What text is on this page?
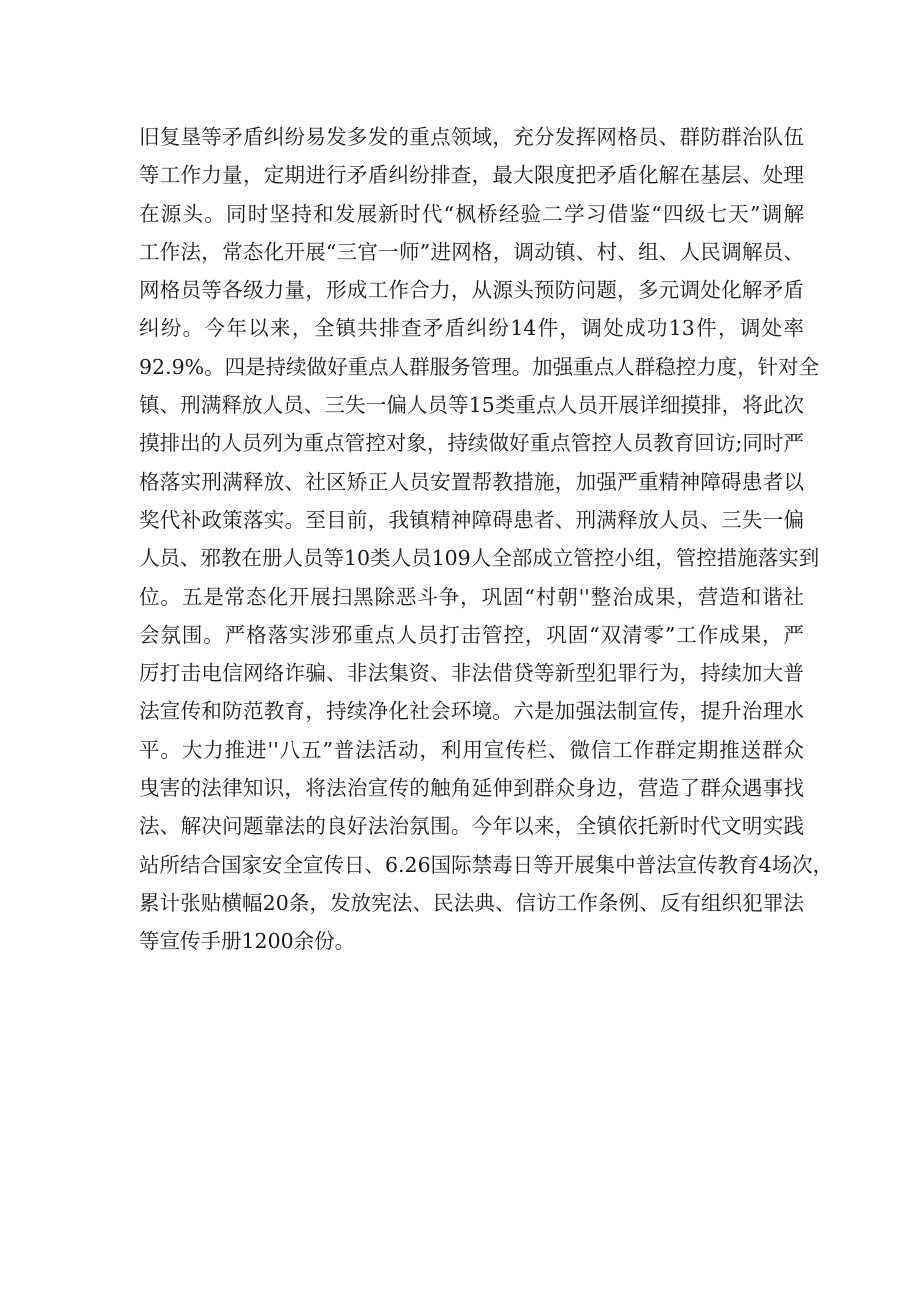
旧复垦等矛盾纠纷易发多发的重点领域，充分发挥网格员、群防群治队伍
等工作力量，定期进行矛盾纠纷排查，最大限度把矛盾化解在基层、处理
在源头。同时坚持和发展新时代“枫桥经验二学习借鉴“四级七天”调解
工作法，常态化开展“三官一师”进网格，调动镇、村、组、人民调解员、
网格员等各级力量，形成工作合力，从源头预防问题，多元调处化解矛盾
纠纷。今年以来，全镇共排查矛盾纠纷14件，调处成功13件，调处率
92.9%。四是持续做好重点人群服务管理。加强重点人群稳控力度，针对全
镇、刑满释放人员、三失一偏人员等15类重点人员开展详细摸排，将此次
摸排出的人员列为重点管控对象，持续做好重点管控人员教育回访;同时严
格落实刑满释放、社区矫正人员安置帮教措施，加强严重精神障碍患者以
奖代补政策落实。至目前，我镇精神障碍患者、刑满释放人员、三失一偏
人员、邪教在册人员等10类人员109人全部成立管控小组，管控措施落实到
位。五是常态化开展扫黑除恶斗争，巩固“村朝''整治成果，营造和谐社
会氛围。严格落实涉邪重点人员打击管控，巩固“双清零”工作成果，严
厉打击电信网络诈骗、非法集资、非法借贷等新型犯罪行为，持续加大普
法宣传和防范教育，持续净化社会环境。六是加强法制宣传，提升治理水
平。大力推进''八五”普法活动，利用宣传栏、微信工作群定期推送群众
曳害的法律知识，将法治宣传的触角延伸到群众身边，营造了群众遇事找
法、解决问题靠法的良好法治氛围。今年以来，全镇依托新时代文明实践
站所结合国家安全宣传日、6.26国际禁毒日等开展集中普法宣传教育4场次，
累计张贴横幅20条，发放宪法、民法典、信访工作条例、反有组织犯罪法
等宣传手册1200余份。
